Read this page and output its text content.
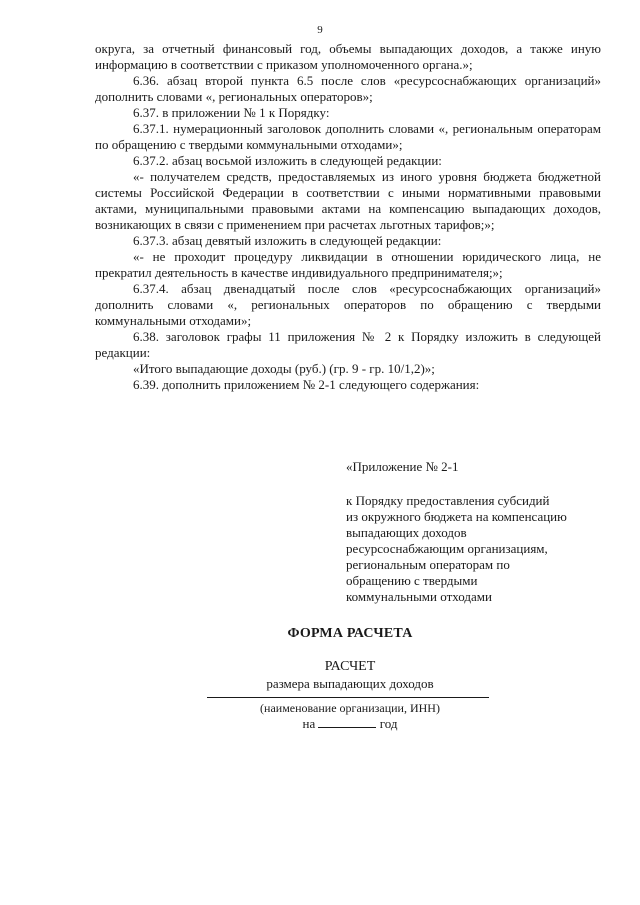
9

округа, за отчетный финансовый год, объемы выпадающих доходов, а также иную информацию в соответствии с приказом уполномоченного органа.»;

6.36. абзац второй пункта 6.5 после слов «ресурсоснабжающих организаций» дополнить словами «, региональных операторов»;

6.37. в приложении № 1 к Порядку:

6.37.1. нумерационный заголовок дополнить словами «, региональным операторам по обращению с твердыми коммунальными отходами»;

6.37.2. абзац восьмой изложить в следующей редакции:

«- получателем средств, предоставляемых из иного уровня бюджета бюджетной системы Российской Федерации в соответствии с иными нормативными правовыми актами, муниципальными правовыми актами на компенсацию выпадающих доходов, возникающих в связи с применением при расчетах льготных тарифов;»;

6.37.3. абзац девятый изложить в следующей редакции:

«- не проходит процедуру ликвидации в отношении юридического лица, не прекратил деятельность в качестве индивидуального предпринимателя;»;

6.37.4. абзац двенадцатый после слов «ресурсоснабжающих организаций» дополнить словами «, региональных операторов по обращению с твердыми коммунальными отходами»;

6.38. заголовок графы 11 приложения № 2 к Порядку изложить в следующей редакции:

«Итого выпадающие доходы (руб.) (гр. 9 - гр. 10/1,2)»;

6.39. дополнить приложением № 2-1 следующего содержания:

«Приложение № 2-1
к Порядку предоставления субсидий
из окружного бюджета на компенсацию
выпадающих доходов
ресурсоснабжающим организациям,
региональным операторам по
обращению с твердыми
коммунальными отходами
ФОРМА РАСЧЕТА
РАСЧЕТ
размера выпадающих доходов
(наименование организации, ИНН)
на	год
